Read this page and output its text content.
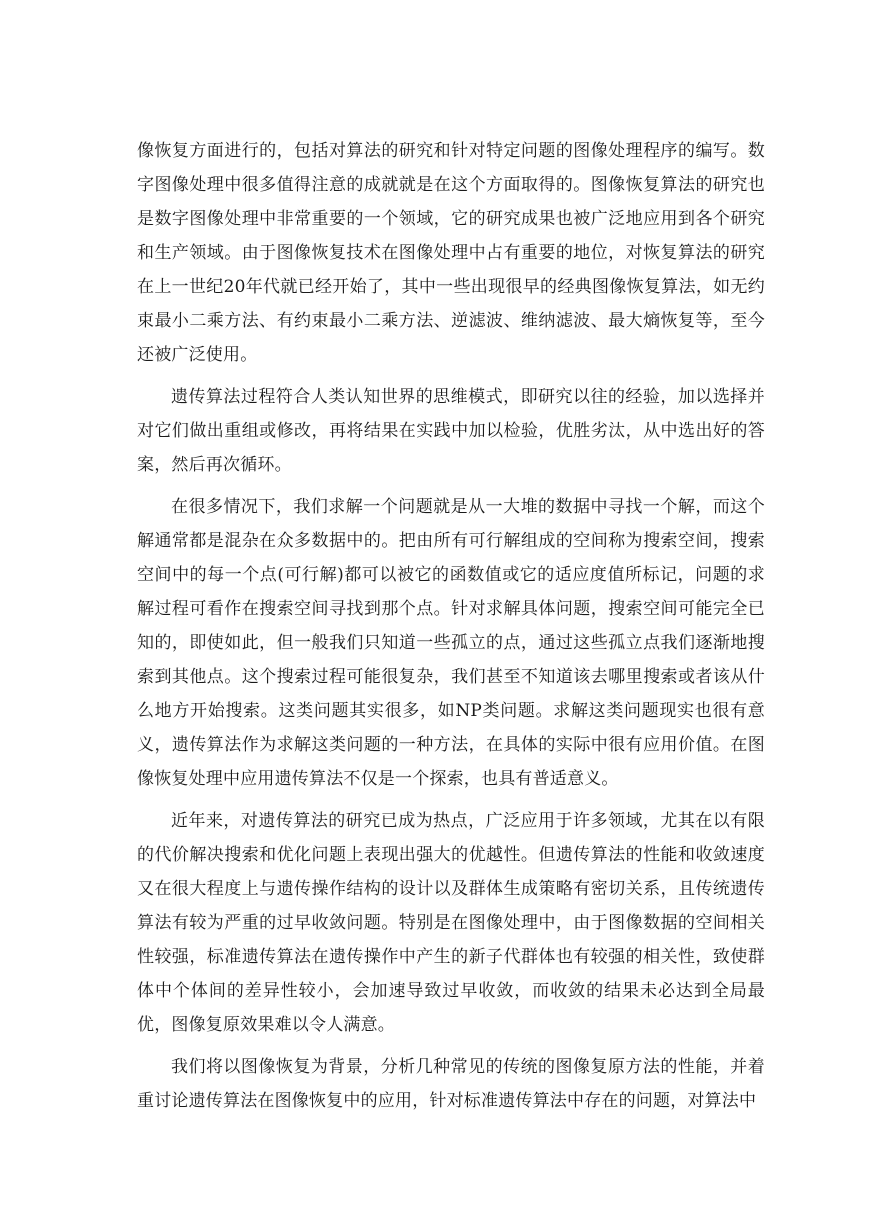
像恢复方面进行的，包括对算法的研究和针对特定问题的图像处理程序的编写。数字图像处理中很多值得注意的成就就是在这个方面取得的。图像恢复算法的研究也是数字图像处理中非常重要的一个领域，它的研究成果也被广泛地应用到各个研究和生产领域。由于图像恢复技术在图像处理中占有重要的地位，对恢复算法的研究在上一世纪20年代就已经开始了，其中一些出现很早的经典图像恢复算法，如无约束最小二乘方法、有约束最小二乘方法、逆滤波、维纳滤波、最大熵恢复等，至今还被广泛使用。

遗传算法过程符合人类认知世界的思维模式，即研究以往的经验，加以选择并对它们做出重组或修改，再将结果在实践中加以检验，优胜劣汰，从中选出好的答案，然后再次循环。

在很多情况下，我们求解一个问题就是从一大堆的数据中寻找一个解，而这个解通常都是混杂在众多数据中的。把由所有可行解组成的空间称为搜索空间，搜索空间中的每一个点(可行解)都可以被它的函数值或它的适应度值所标记，问题的求解过程可看作在搜索空间寻找到那个点。针对求解具体问题，搜索空间可能完全已知的，即使如此，但一般我们只知道一些孤立的点，通过这些孤立点我们逐渐地搜索到其他点。这个搜索过程可能很复杂，我们甚至不知道该去哪里搜索或者该从什么地方开始搜索。这类问题其实很多，如NP类问题。求解这类问题现实也很有意义，遗传算法作为求解这类问题的一种方法，在具体的实际中很有应用价值。在图像恢复处理中应用遗传算法不仅是一个探索，也具有普适意义。

近年来，对遗传算法的研究已成为热点，广泛应用于许多领域，尤其在以有限的代价解决搜索和优化问题上表现出强大的优越性。但遗传算法的性能和收敛速度又在很大程度上与遗传操作结构的设计以及群体生成策略有密切关系，且传统遗传算法有较为严重的过早收敛问题。特别是在图像处理中，由于图像数据的空间相关性较强，标准遗传算法在遗传操作中产生的新子代群体也有较强的相关性，致使群体中个体间的差异性较小，会加速导致过早收敛，而收敛的结果未必达到全局最优，图像复原效果难以令人满意。

我们将以图像恢复为背景，分析几种常见的传统的图像复原方法的性能，并着重讨论遗传算法在图像恢复中的应用，针对标准遗传算法中存在的问题，对算法中
